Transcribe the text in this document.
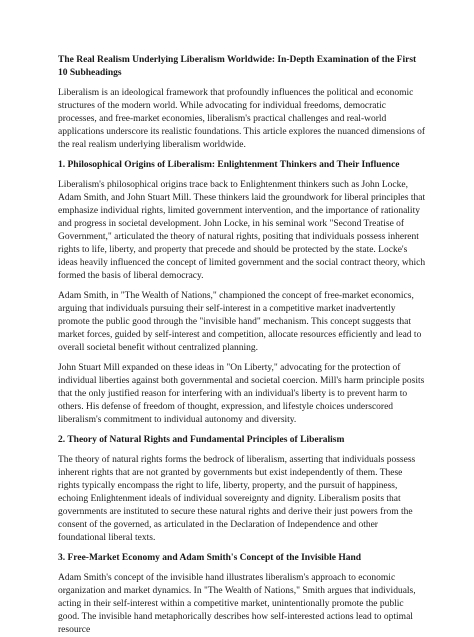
The Real Realism Underlying Liberalism Worldwide: In-Depth Examination of the First 10 Subheadings

Liberalism is an ideological framework that profoundly influences the political and economic structures of the modern world. While advocating for individual freedoms, democratic processes, and free-market economies, liberalism's practical challenges and real-world applications underscore its realistic foundations. This article explores the nuanced dimensions of the real realism underlying liberalism worldwide.

1. Philosophical Origins of Liberalism: Enlightenment Thinkers and Their Influence

Liberalism's philosophical origins trace back to Enlightenment thinkers such as John Locke, Adam Smith, and John Stuart Mill. These thinkers laid the groundwork for liberal principles that emphasize individual rights, limited government intervention, and the importance of rationality and progress in societal development. John Locke, in his seminal work "Second Treatise of Government," articulated the theory of natural rights, positing that individuals possess inherent rights to life, liberty, and property that precede and should be protected by the state. Locke's ideas heavily influenced the concept of limited government and the social contract theory, which formed the basis of liberal democracy.

Adam Smith, in "The Wealth of Nations," championed the concept of free-market economics, arguing that individuals pursuing their self-interest in a competitive market inadvertently promote the public good through the "invisible hand" mechanism. This concept suggests that market forces, guided by self-interest and competition, allocate resources efficiently and lead to overall societal benefit without centralized planning.

John Stuart Mill expanded on these ideas in "On Liberty," advocating for the protection of individual liberties against both governmental and societal coercion. Mill's harm principle posits that the only justified reason for interfering with an individual's liberty is to prevent harm to others. His defense of freedom of thought, expression, and lifestyle choices underscored liberalism's commitment to individual autonomy and diversity.

2. Theory of Natural Rights and Fundamental Principles of Liberalism

The theory of natural rights forms the bedrock of liberalism, asserting that individuals possess inherent rights that are not granted by governments but exist independently of them. These rights typically encompass the right to life, liberty, property, and the pursuit of happiness, echoing Enlightenment ideals of individual sovereignty and dignity. Liberalism posits that governments are instituted to secure these natural rights and derive their just powers from the consent of the governed, as articulated in the Declaration of Independence and other foundational liberal texts.

3. Free-Market Economy and Adam Smith's Concept of the Invisible Hand

Adam Smith's concept of the invisible hand illustrates liberalism's approach to economic organization and market dynamics. In "The Wealth of Nations," Smith argues that individuals, acting in their self-interest within a competitive market, unintentionally promote the public good. The invisible hand metaphorically describes how self-interested actions lead to optimal resource
